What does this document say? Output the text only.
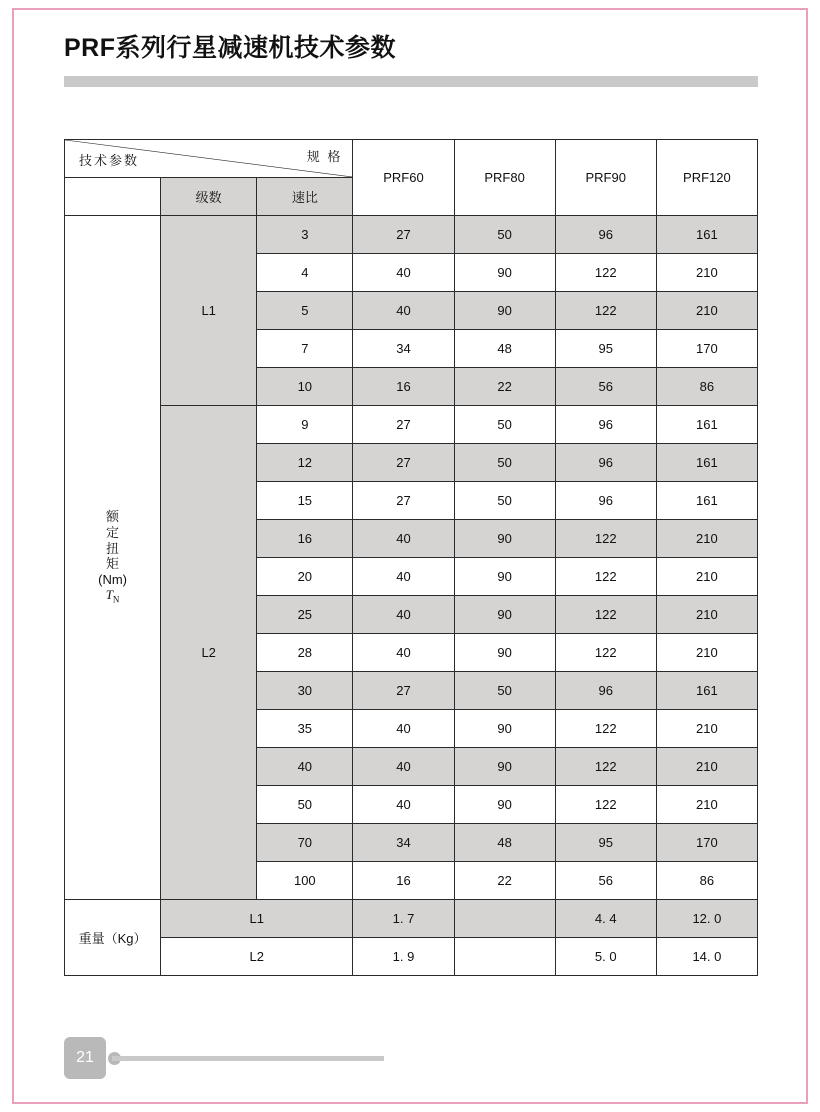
PRF系列行星减速机技术参数
规 格
技术参数			PRF60	PRF80	PRF90	PRF120
	级数	速比				

额
定
扭
矩
(Nm)
$T_N$
	L1	3	27	50	96	161
		4	40	90	122	210
		5	40	90	122	210
		7	34	48	95	170
		10	16	22	56	86
	L2	9	27	50	96	161
		12	27	50	96	161
		15	27	50	96	161
		16	40	90	122	210
		20	40	90	122	210
		25	40	90	122	210
		28	40	90	122	210
		30	27	50	96	161
		35	40	90	122	210
		40	40	90	122	210
		50	40	90	122	210
		70	34	48	95	170
		100	16	22	56	86
重量（Kg）	L1		1. 7		4. 4	12. 0
	L2		1. 9		5. 0	14. 0
21
